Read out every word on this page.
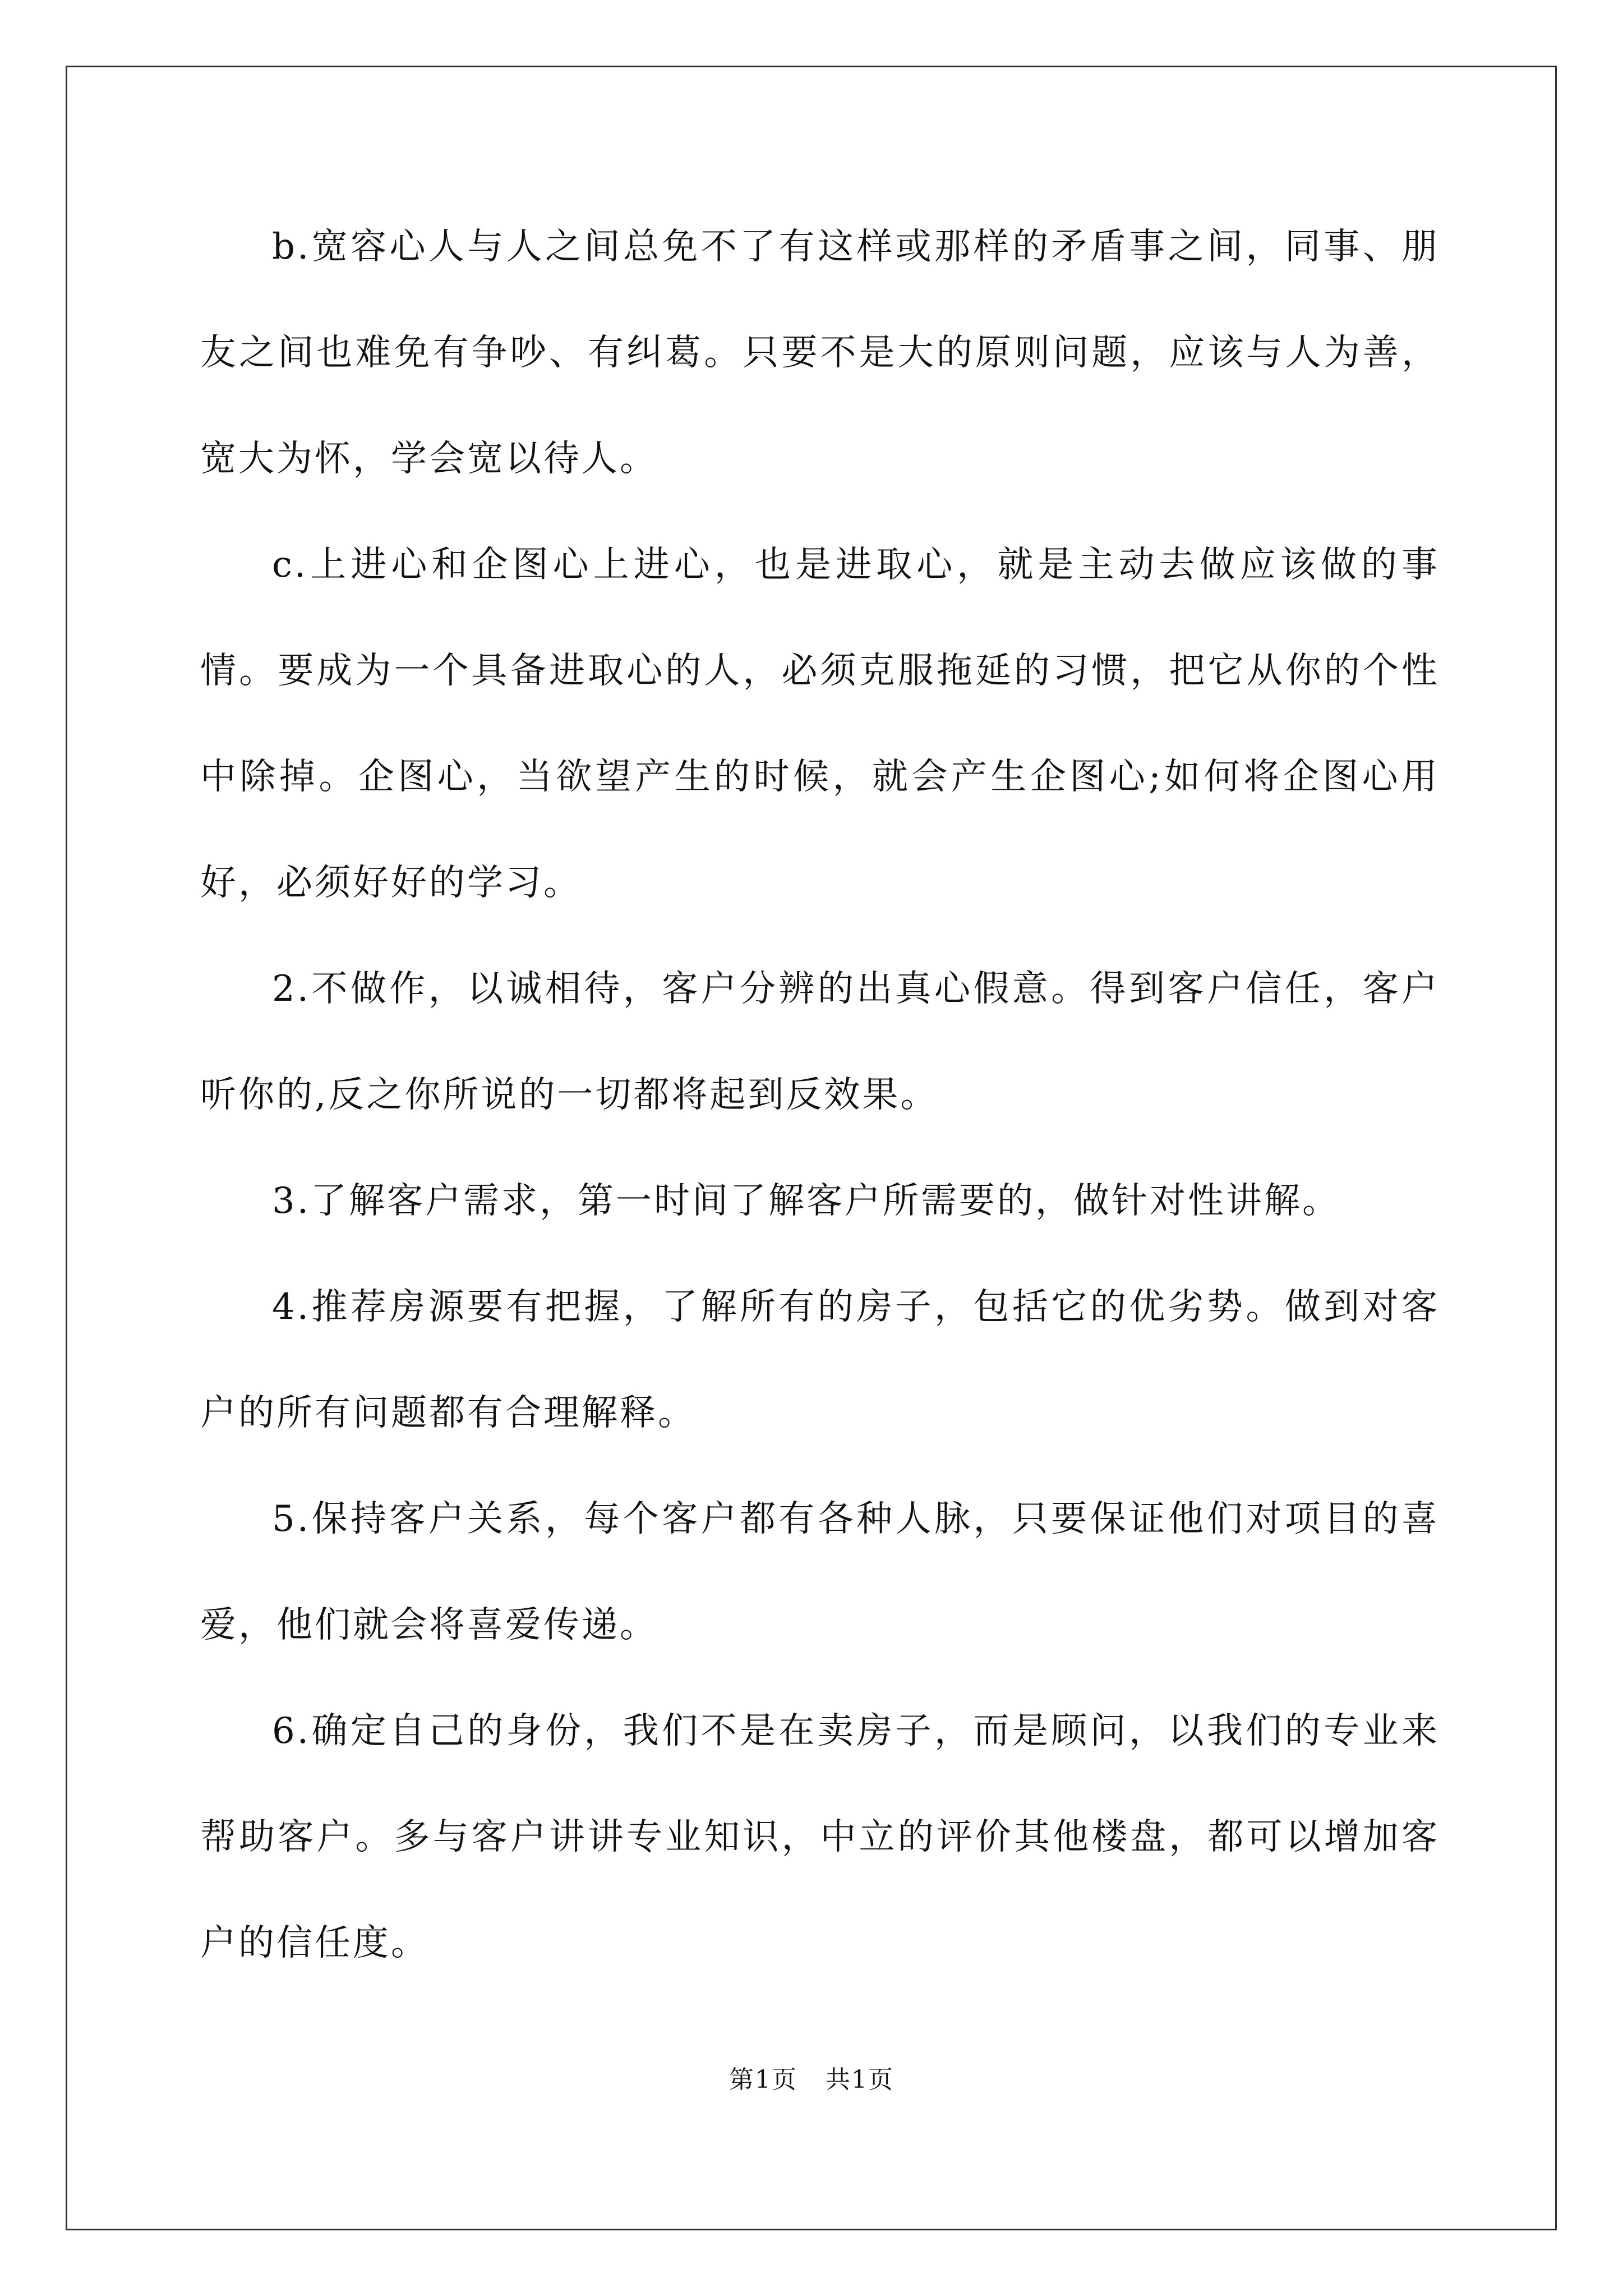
b.宽容心人与人之间总免不了有这样或那样的矛盾事之间，同事、朋友之间也难免有争吵、有纠葛。只要不是大的原则问题，应该与人为善，宽大为怀，学会宽以待人。

c.上进心和企图心上进心，也是进取心，就是主动去做应该做的事情。要成为一个具备进取心的人，必须克服拖延的习惯，把它从你的个性中除掉。企图心，当欲望产生的时候，就会产生企图心;如何将企图心用好，必须好好的学习。

2.不做作，以诚相待，客户分辨的出真心假意。得到客户信任，客户听你的,反之你所说的一切都将起到反效果。

3.了解客户需求，第一时间了解客户所需要的，做针对性讲解。

4.推荐房源要有把握，了解所有的房子，包括它的优劣势。做到对客户的所有问题都有合理解释。

5.保持客户关系，每个客户都有各种人脉，只要保证他们对项目的喜爱，他们就会将喜爱传递。

6.确定自己的身份，我们不是在卖房子，而是顾问，以我们的专业来帮助客户。多与客户讲讲专业知识，中立的评价其他楼盘，都可以增加客户的信任度。

第1页 共1页
